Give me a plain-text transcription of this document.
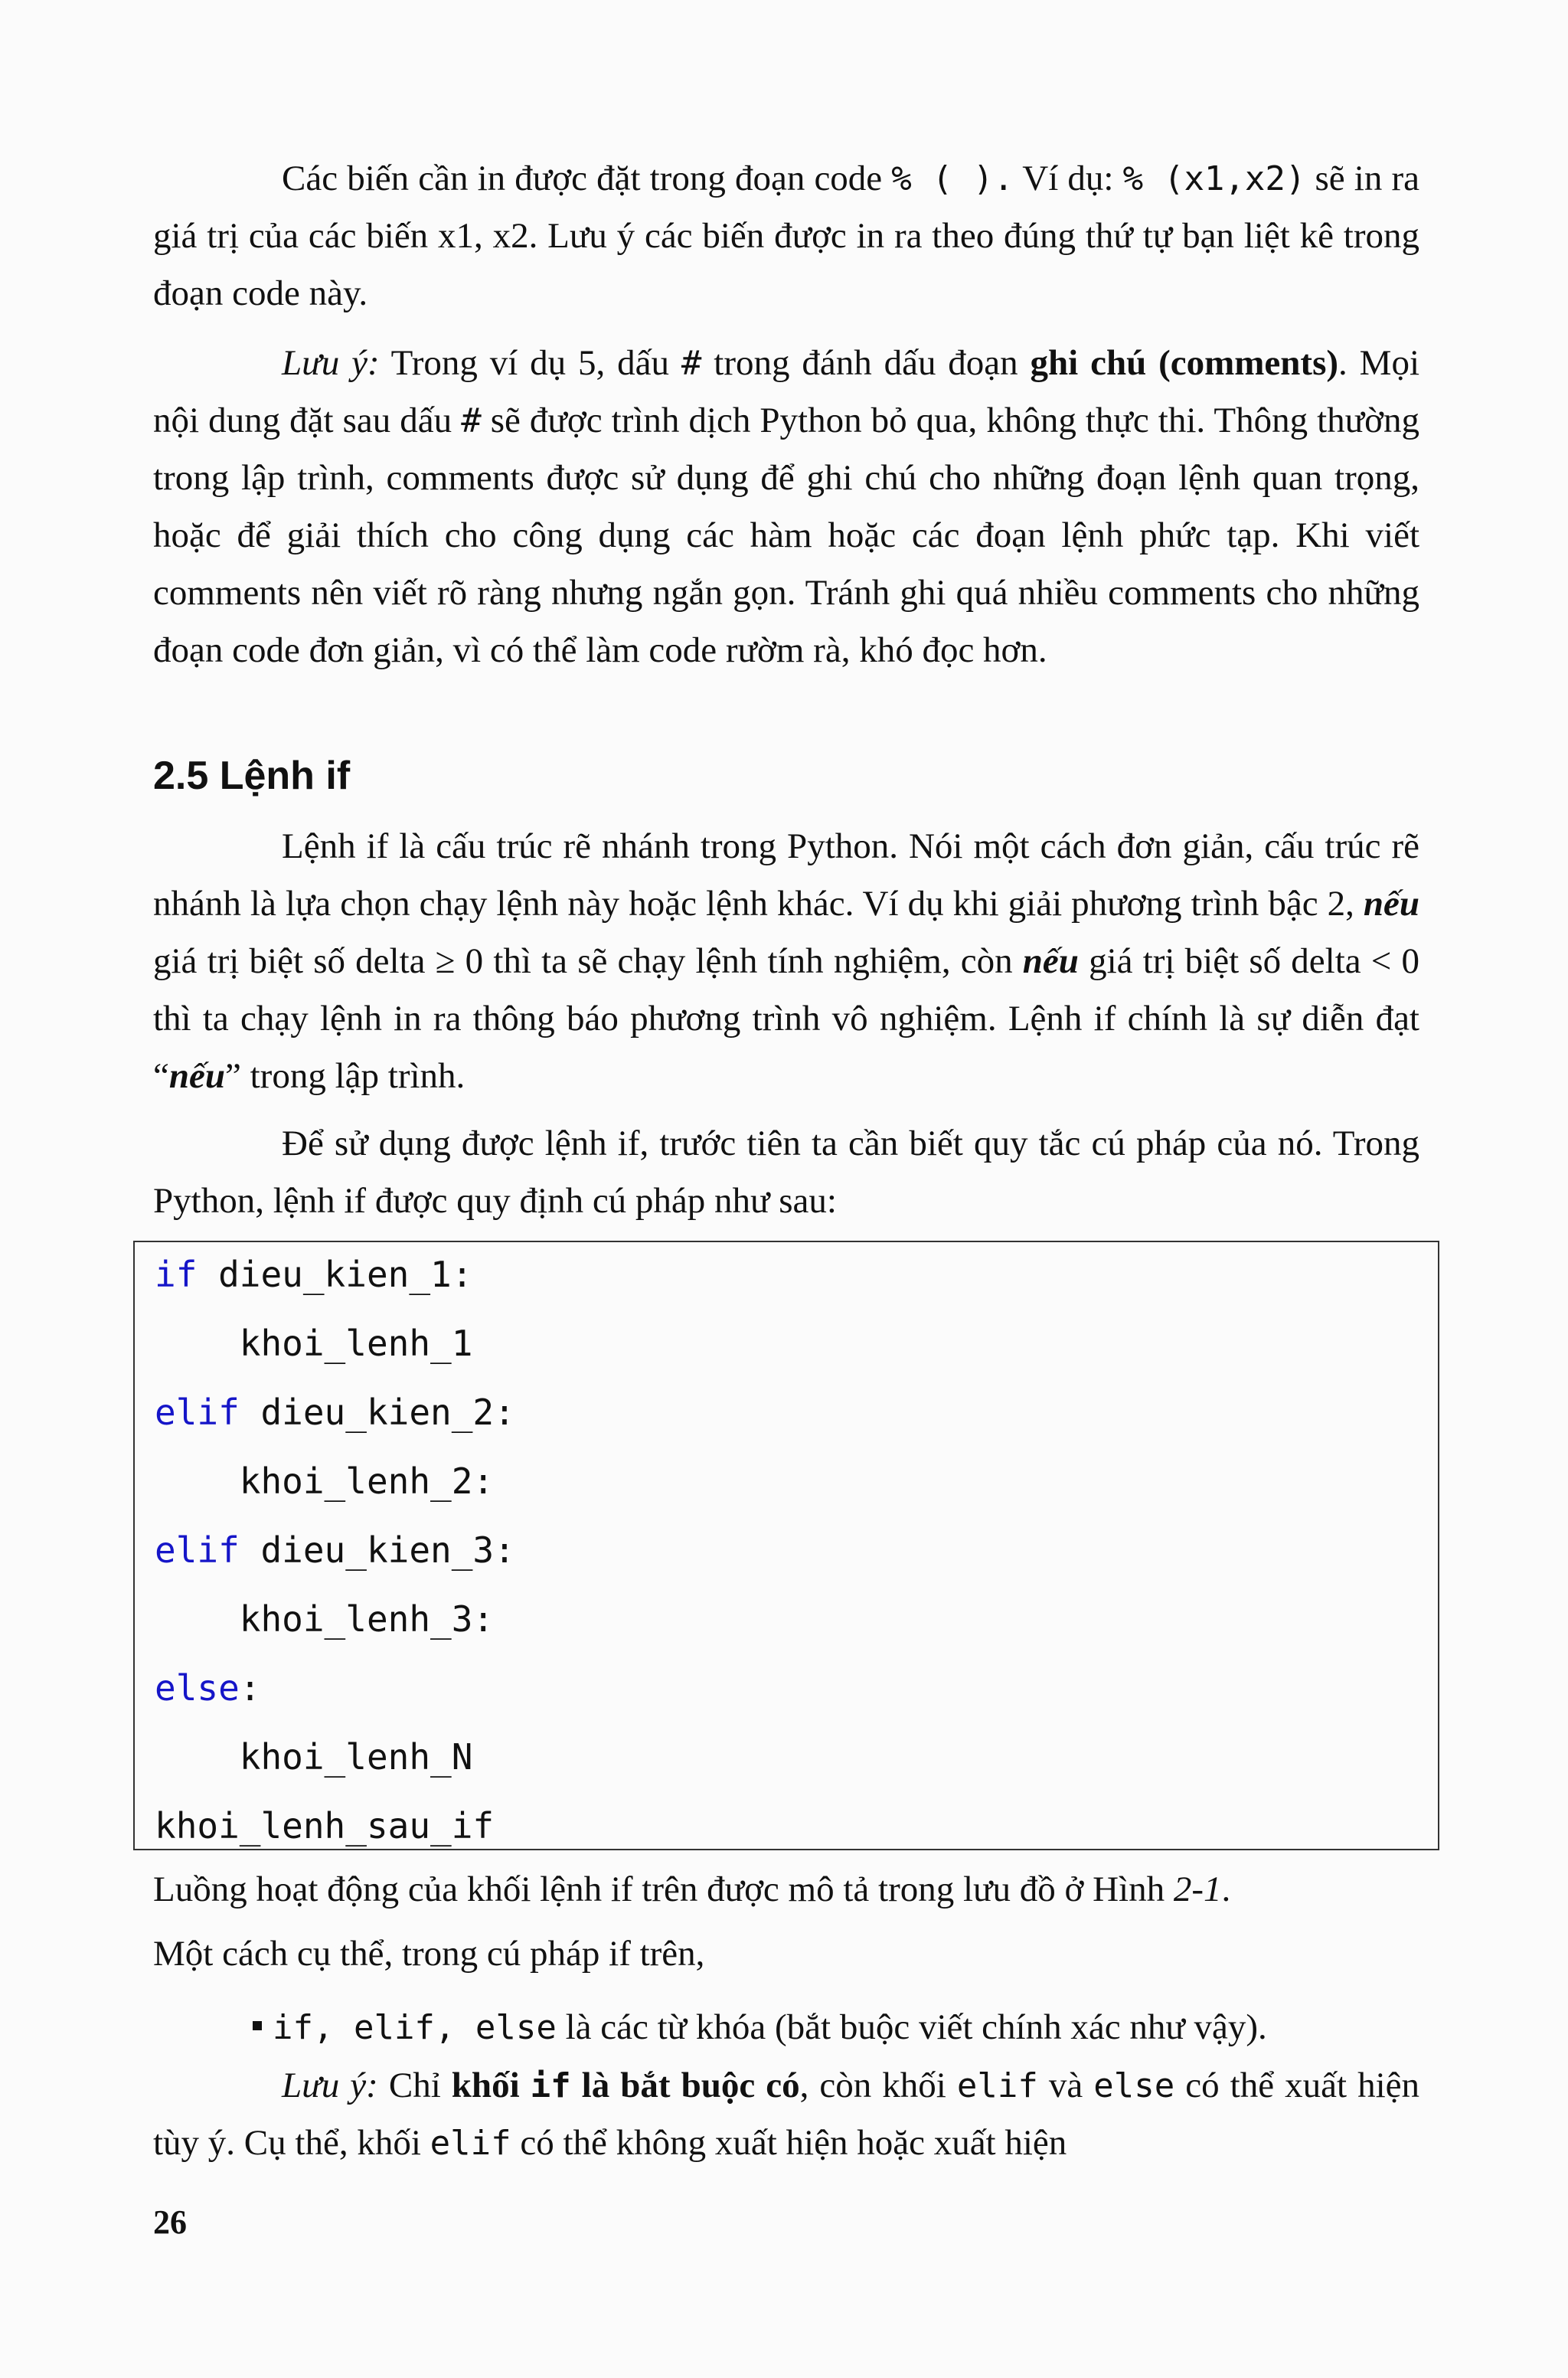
Các biến cần in được đặt trong đoạn code % ( ). Ví dụ: % (x1,x2) sẽ in ra giá trị của các biến x1, x2. Lưu ý các biến được in ra theo đúng thứ tự bạn liệt kê trong đoạn code này.
Lưu ý: Trong ví dụ 5, dấu # trong đánh dấu đoạn ghi chú (comments). Mọi nội dung đặt sau dấu # sẽ được trình dịch Python bỏ qua, không thực thi. Thông thường trong lập trình, comments được sử dụng để ghi chú cho những đoạn lệnh quan trọng, hoặc để giải thích cho công dụng các hàm hoặc các đoạn lệnh phức tạp. Khi viết comments nên viết rõ ràng nhưng ngắn gọn. Tránh ghi quá nhiều comments cho những đoạn code đơn giản, vì có thể làm code rườm rà, khó đọc hơn.
2.5 Lệnh if
Lệnh if là cấu trúc rẽ nhánh trong Python. Nói một cách đơn giản, cấu trúc rẽ nhánh là lựa chọn chạy lệnh này hoặc lệnh khác. Ví dụ khi giải phương trình bậc 2, nếu giá trị biệt số delta ≥ 0 thì ta sẽ chạy lệnh tính nghiệm, còn nếu giá trị biệt số delta < 0 thì ta chạy lệnh in ra thông báo phương trình vô nghiệm. Lệnh if chính là sự diễn đạt “nếu” trong lập trình.
Để sử dụng được lệnh if, trước tiên ta cần biết quy tắc cú pháp của nó. Trong Python, lệnh if được quy định cú pháp như sau:
if dieu_kien_1:
khoi_lenh_1
elif dieu_kien_2:
khoi_lenh_2:
elif dieu_kien_3:
khoi_lenh_3:
else:
khoi_lenh_N
khoi_lenh_sau_if
Luồng hoạt động của khối lệnh if trên được mô tả trong lưu đồ ở Hình 2-1.
Một cách cụ thể, trong cú pháp if trên,
if, elif, else là các từ khóa (bắt buộc viết chính xác như vậy).
Lưu ý: Chỉ khối if là bắt buộc có, còn khối elif và else có thể xuất hiện tùy ý. Cụ thể, khối elif có thể không xuất hiện hoặc xuất hiện
26
